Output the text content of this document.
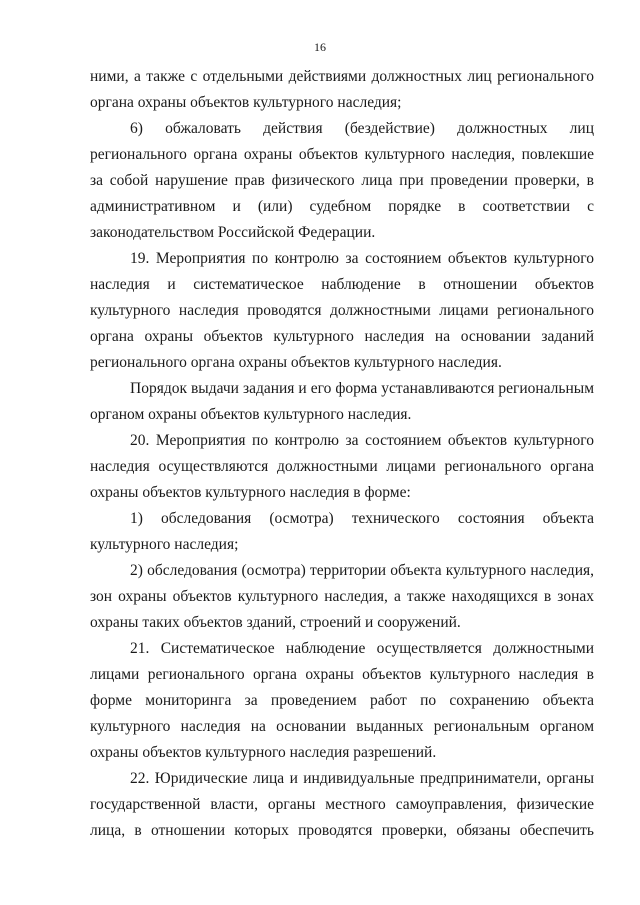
16

ними, а также с отдельными действиями должностных лиц регионального органа охраны объектов культурного наследия;

6) обжаловать действия (бездействие) должностных лиц регионального органа охраны объектов культурного наследия, повлекшие за собой нарушение прав физического лица при проведении проверки, в административном и (или) судебном порядке в соответствии с законодательством Российской Федерации.

19. Мероприятия по контролю за состоянием объектов культурного наследия и систематическое наблюдение в отношении объектов культурного наследия проводятся должностными лицами регионального органа охраны объектов культурного наследия на основании заданий регионального органа охраны объектов культурного наследия.

Порядок выдачи задания и его форма устанавливаются региональным органом охраны объектов культурного наследия.

20. Мероприятия по контролю за состоянием объектов культурного наследия осуществляются должностными лицами регионального органа охраны объектов культурного наследия в форме:

1) обследования (осмотра) технического состояния объекта культурного наследия;

2) обследования (осмотра) территории объекта культурного наследия, зон охраны объектов культурного наследия, а также находящихся в зонах охраны таких объектов зданий, строений и сооружений.

21. Систематическое наблюдение осуществляется должностными лицами регионального органа охраны объектов культурного наследия в форме мониторинга за проведением работ по сохранению объекта культурного наследия на основании выданных региональным органом охраны объектов культурного наследия разрешений.

22. Юридические лица и индивидуальные предприниматели, органы государственной власти, органы местного самоуправления, физические лица, в отношении которых проводятся проверки, обязаны обеспечить
